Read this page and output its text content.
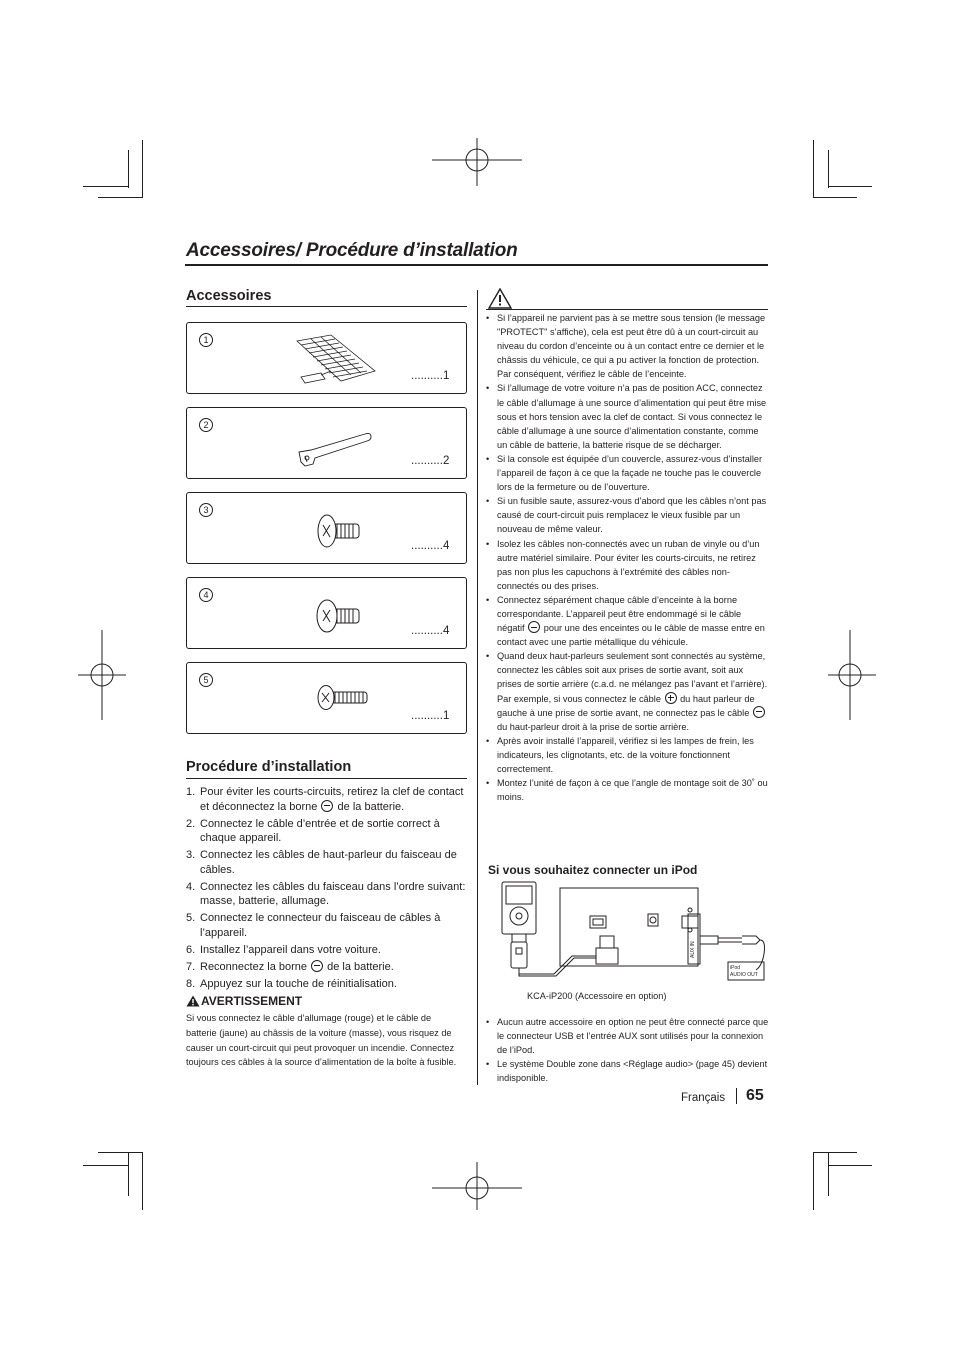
Accessoires/ Procédure d’installation
Accessoires
1
..........1
2
..........2
3
..........4
4
..........4
5
..........1
Procédure d’installation
1. Pour éviter les courts-circuits, retirez la clef de contact et déconnectez la borne de la batterie.
2. Connectez le câble d’entrée et de sortie correct à chaque appareil.
3. Connectez les câbles de haut-parleur du faisceau de câbles.
4. Connectez les câbles du faisceau dans l’ordre suivant: masse, batterie, allumage.
5. Connectez le connecteur du faisceau de câbles à l’appareil.
6. Installez l’appareil dans votre voiture.
7. Reconnectez la borne de la batterie.
8. Appuyez sur la touche de réinitialisation.
AVERTISSEMENT
Si vous connectez le câble d’allumage (rouge) et le câble de batterie (jaune) au châssis de la voiture (masse), vous risquez de causer un court-circuit qui peut provoquer un incendie. Connectez toujours ces câbles à la source d’alimentation de la boîte à fusible.
• Si l’appareil ne parvient pas à se mettre sous tension (le message "PROTECT" s’affiche), cela est peut être dû à un court-circuit au niveau du cordon d’enceinte ou à un contact entre ce dernier et le châssis du véhicule, ce qui a pu activer la fonction de protection. Par conséquent, vérifiez le câble de l’enceinte.
• Si l’allumage de votre voiture n’a pas de position ACC, connectez le câble d’allumage à une source d’alimentation qui peut être mise sous et hors tension avec la clef de contact. Si vous connectez le câble d’allumage à une source d’alimentation constante, comme un câble de batterie, la batterie risque de se décharger.
• Si la console est équipée d’un couvercle, assurez-vous d’installer l’appareil de façon à ce que la façade ne touche pas le couvercle lors de la fermeture ou de l’ouverture.
• Si un fusible saute, assurez-vous d’abord que les câbles n’ont pas causé de court-circuit puis remplacez le vieux fusible par un nouveau de même valeur.
• Isolez les câbles non-connectés avec un ruban de vinyle ou d’un autre matériel similaire. Pour éviter les courts-circuits, ne retirez pas non plus les capuchons à l’extrémité des câbles non-connectés ou des prises.
• Connectez séparément chaque câble d’enceinte à la borne correspondante. L’appareil peut être endommagé si le câble négatif pour une des enceintes ou le câble de masse entre en contact avec une partie métallique du véhicule.
• Quand deux haut-parleurs seulement sont connectés au système, connectez les câbles soit aux prises de sortie avant, soit aux prises de sortie arrière (c.a.d. ne mélangez pas l’avant et l’arrière). Par exemple, si vous connectez le câble du haut parleur de gauche à une prise de sortie avant, ne connectez pas le câble  du haut-parleur droit à la prise de sortie arrière.
• Après avoir installé l’appareil, vérifiez si les lampes de frein, les indicateurs, les clignotants, etc. de la voiture fonctionnent correctement.
• Montez l’unité de façon à ce que l’angle de montage soit de 30˚ ou moins.
Si vous souhaitez connecter un iPod
AUX IN
iPod
AUDIO OUT
KCA-iP200 (Accessoire en option)
• Aucun autre accessoire en option ne peut être connecté parce que le connecteur USB et l’entrée AUX sont utilisés pour la connexion de l’iPod.
• Le système Double zone dans <Réglage audio> (page 45) devient indisponible.
Français 65
